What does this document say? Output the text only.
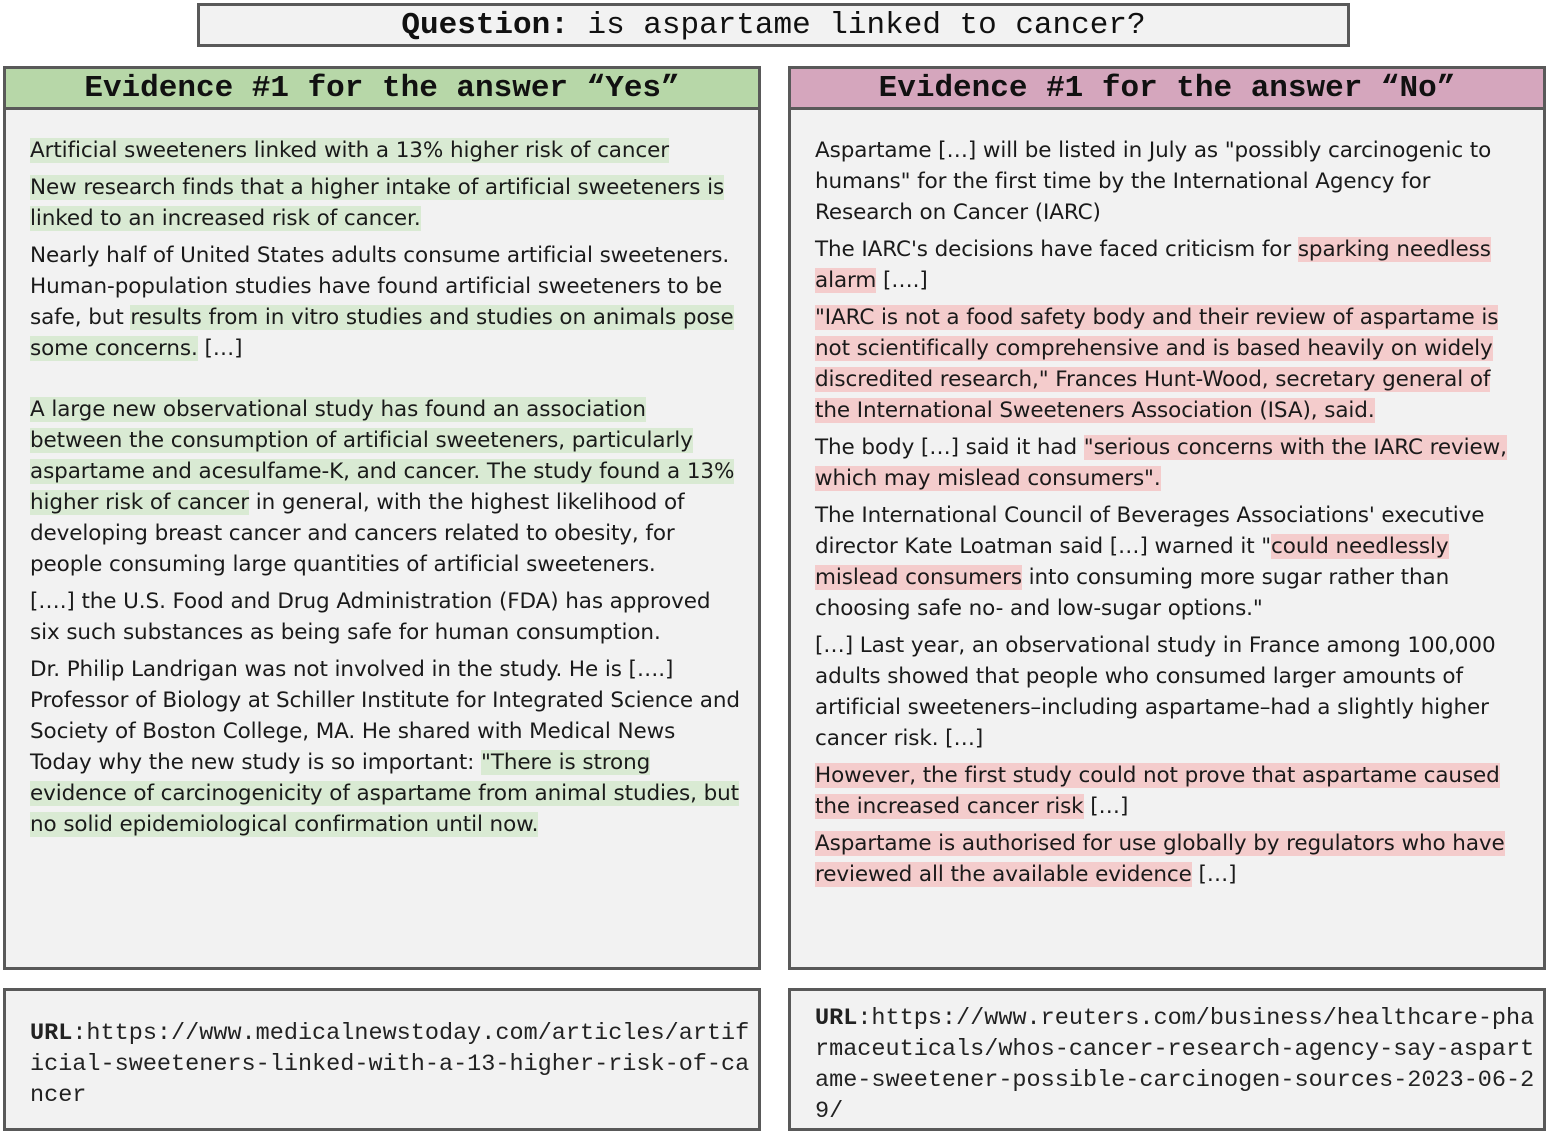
Question: is aspartame linked to cancer?
Evidence #1 for the answer “Yes”

Artificial sweeteners linked with a 13% higher risk of cancer

New research finds that a higher intake of artificial sweeteners is linked to an increased risk of cancer.

Nearly half of United States adults consume artificial sweeteners. Human-population studies have found artificial sweeteners to be safe, but results from in vitro studies and studies on animals pose some concerns. […]

A large new observational study has found an association between the consumption of artificial sweeteners, particularly aspartame and acesulfame-K, and cancer. The study found a 13% higher risk of cancer in general, with the highest likelihood of developing breast cancer and cancers related to obesity, for people consuming large quantities of artificial sweeteners.

[….] the U.S. Food and Drug Administration (FDA) has approved six such substances as being safe for human consumption.

Dr. Philip Landrigan was not involved in the study. He is [….] Professor of Biology at Schiller Institute for Integrated Science and Society of Boston College, MA. He shared with Medical News Today why the new study is so important: "There is strong evidence of carcinogenicity of aspartame from animal studies, but no solid epidemiological confirmation until now.

Evidence #1 for the answer “No”

Aspartame […] will be listed in July as "possibly carcinogenic to humans" for the first time by the International Agency for Research on Cancer (IARC)

The IARC's decisions have faced criticism for sparking needless alarm [….]

"IARC is not a food safety body and their review of aspartame is not scientifically comprehensive and is based heavily on widely discredited research," Frances Hunt-Wood, secretary general of the International Sweeteners Association (ISA), said.

The body […] said it had "serious concerns with the IARC review, which may mislead consumers".

The International Council of Beverages Associations' executive director Kate Loatman said […] warned it "could needlessly mislead consumers into consuming more sugar rather than choosing safe no- and low-sugar options."

[…] Last year, an observational study in France among 100,000 adults showed that people who consumed larger amounts of artificial sweeteners–including aspartame–had a slightly higher cancer risk. […]

However, the first study could not prove that aspartame caused the increased cancer risk […]

Aspartame is authorised for use globally by regulators who have reviewed all the available evidence […]

URL:https://www.medicalnewstoday.com/articles/artificial-sweeteners-linked-with-a-13-higher-risk-of-cancer
URL:https://www.reuters.com/business/healthcare-pharmaceuticals/whos-cancer-research-agency-say-aspartame-sweetener-possible-carcinogen-sources-2023-06-29/
